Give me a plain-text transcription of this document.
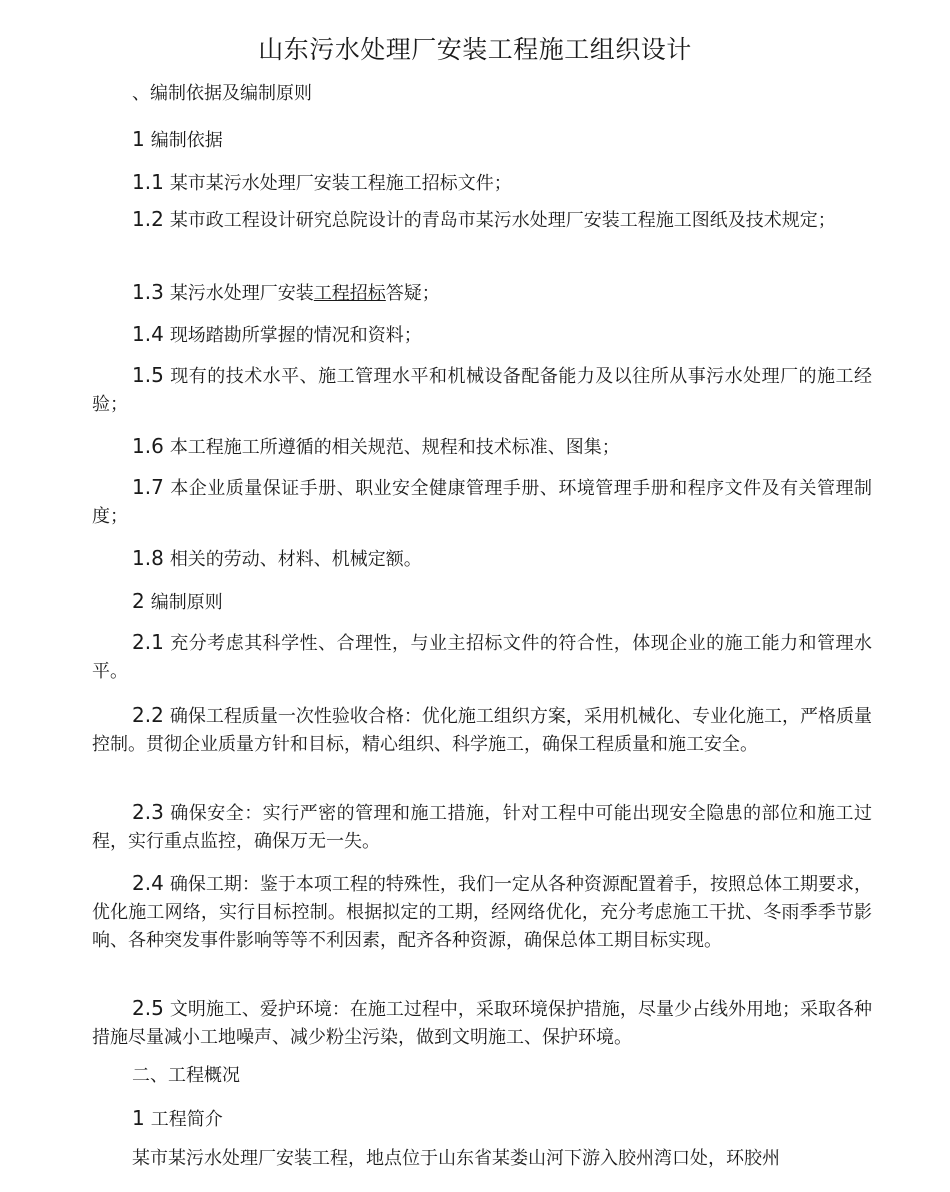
山东污水处理厂安装工程施工组织设计
、编制依据及编制原则
1 编制依据
1.1 某市某污水处理厂安装工程施工招标文件；
1.2 某市政工程设计研究总院设计的青岛市某污水处理厂安装工程施工图纸及技术规定；
1.3 某污水处理厂安装工程招标答疑；
1.4 现场踏勘所掌握的情况和资料；
1.5 现有的技术水平、施工管理水平和机械设备配备能力及以往所从事污水处理厂的施工经验；
1.6 本工程施工所遵循的相关规范、规程和技术标准、图集；
1.7 本企业质量保证手册、职业安全健康管理手册、环境管理手册和程序文件及有关管理制度；
1.8 相关的劳动、材料、机械定额。
2 编制原则
2.1 充分考虑其科学性、合理性，与业主招标文件的符合性，体现企业的施工能力和管理水平。
2.2 确保工程质量一次性验收合格：优化施工组织方案，采用机械化、专业化施工，严格质量控制。贯彻企业质量方针和目标，精心组织、科学施工，确保工程质量和施工安全。
2.3 确保安全：实行严密的管理和施工措施，针对工程中可能出现安全隐患的部位和施工过程，实行重点监控，确保万无一失。
2.4 确保工期：鉴于本项工程的特殊性，我们一定从各种资源配置着手，按照总体工期要求，优化施工网络，实行目标控制。根据拟定的工期，经网络优化，充分考虑施工干扰、冬雨季季节影响、各种突发事件影响等等不利因素，配齐各种资源，确保总体工期目标实现。
2.5 文明施工、爱护环境：在施工过程中，采取环境保护措施，尽量少占线外用地；采取各种措施尽量减小工地噪声、减少粉尘污染，做到文明施工、保护环境。
二、工程概况
1 工程简介
某市某污水处理厂安装工程，地点位于山东省某娄山河下游入胶州湾口处，环胶州
